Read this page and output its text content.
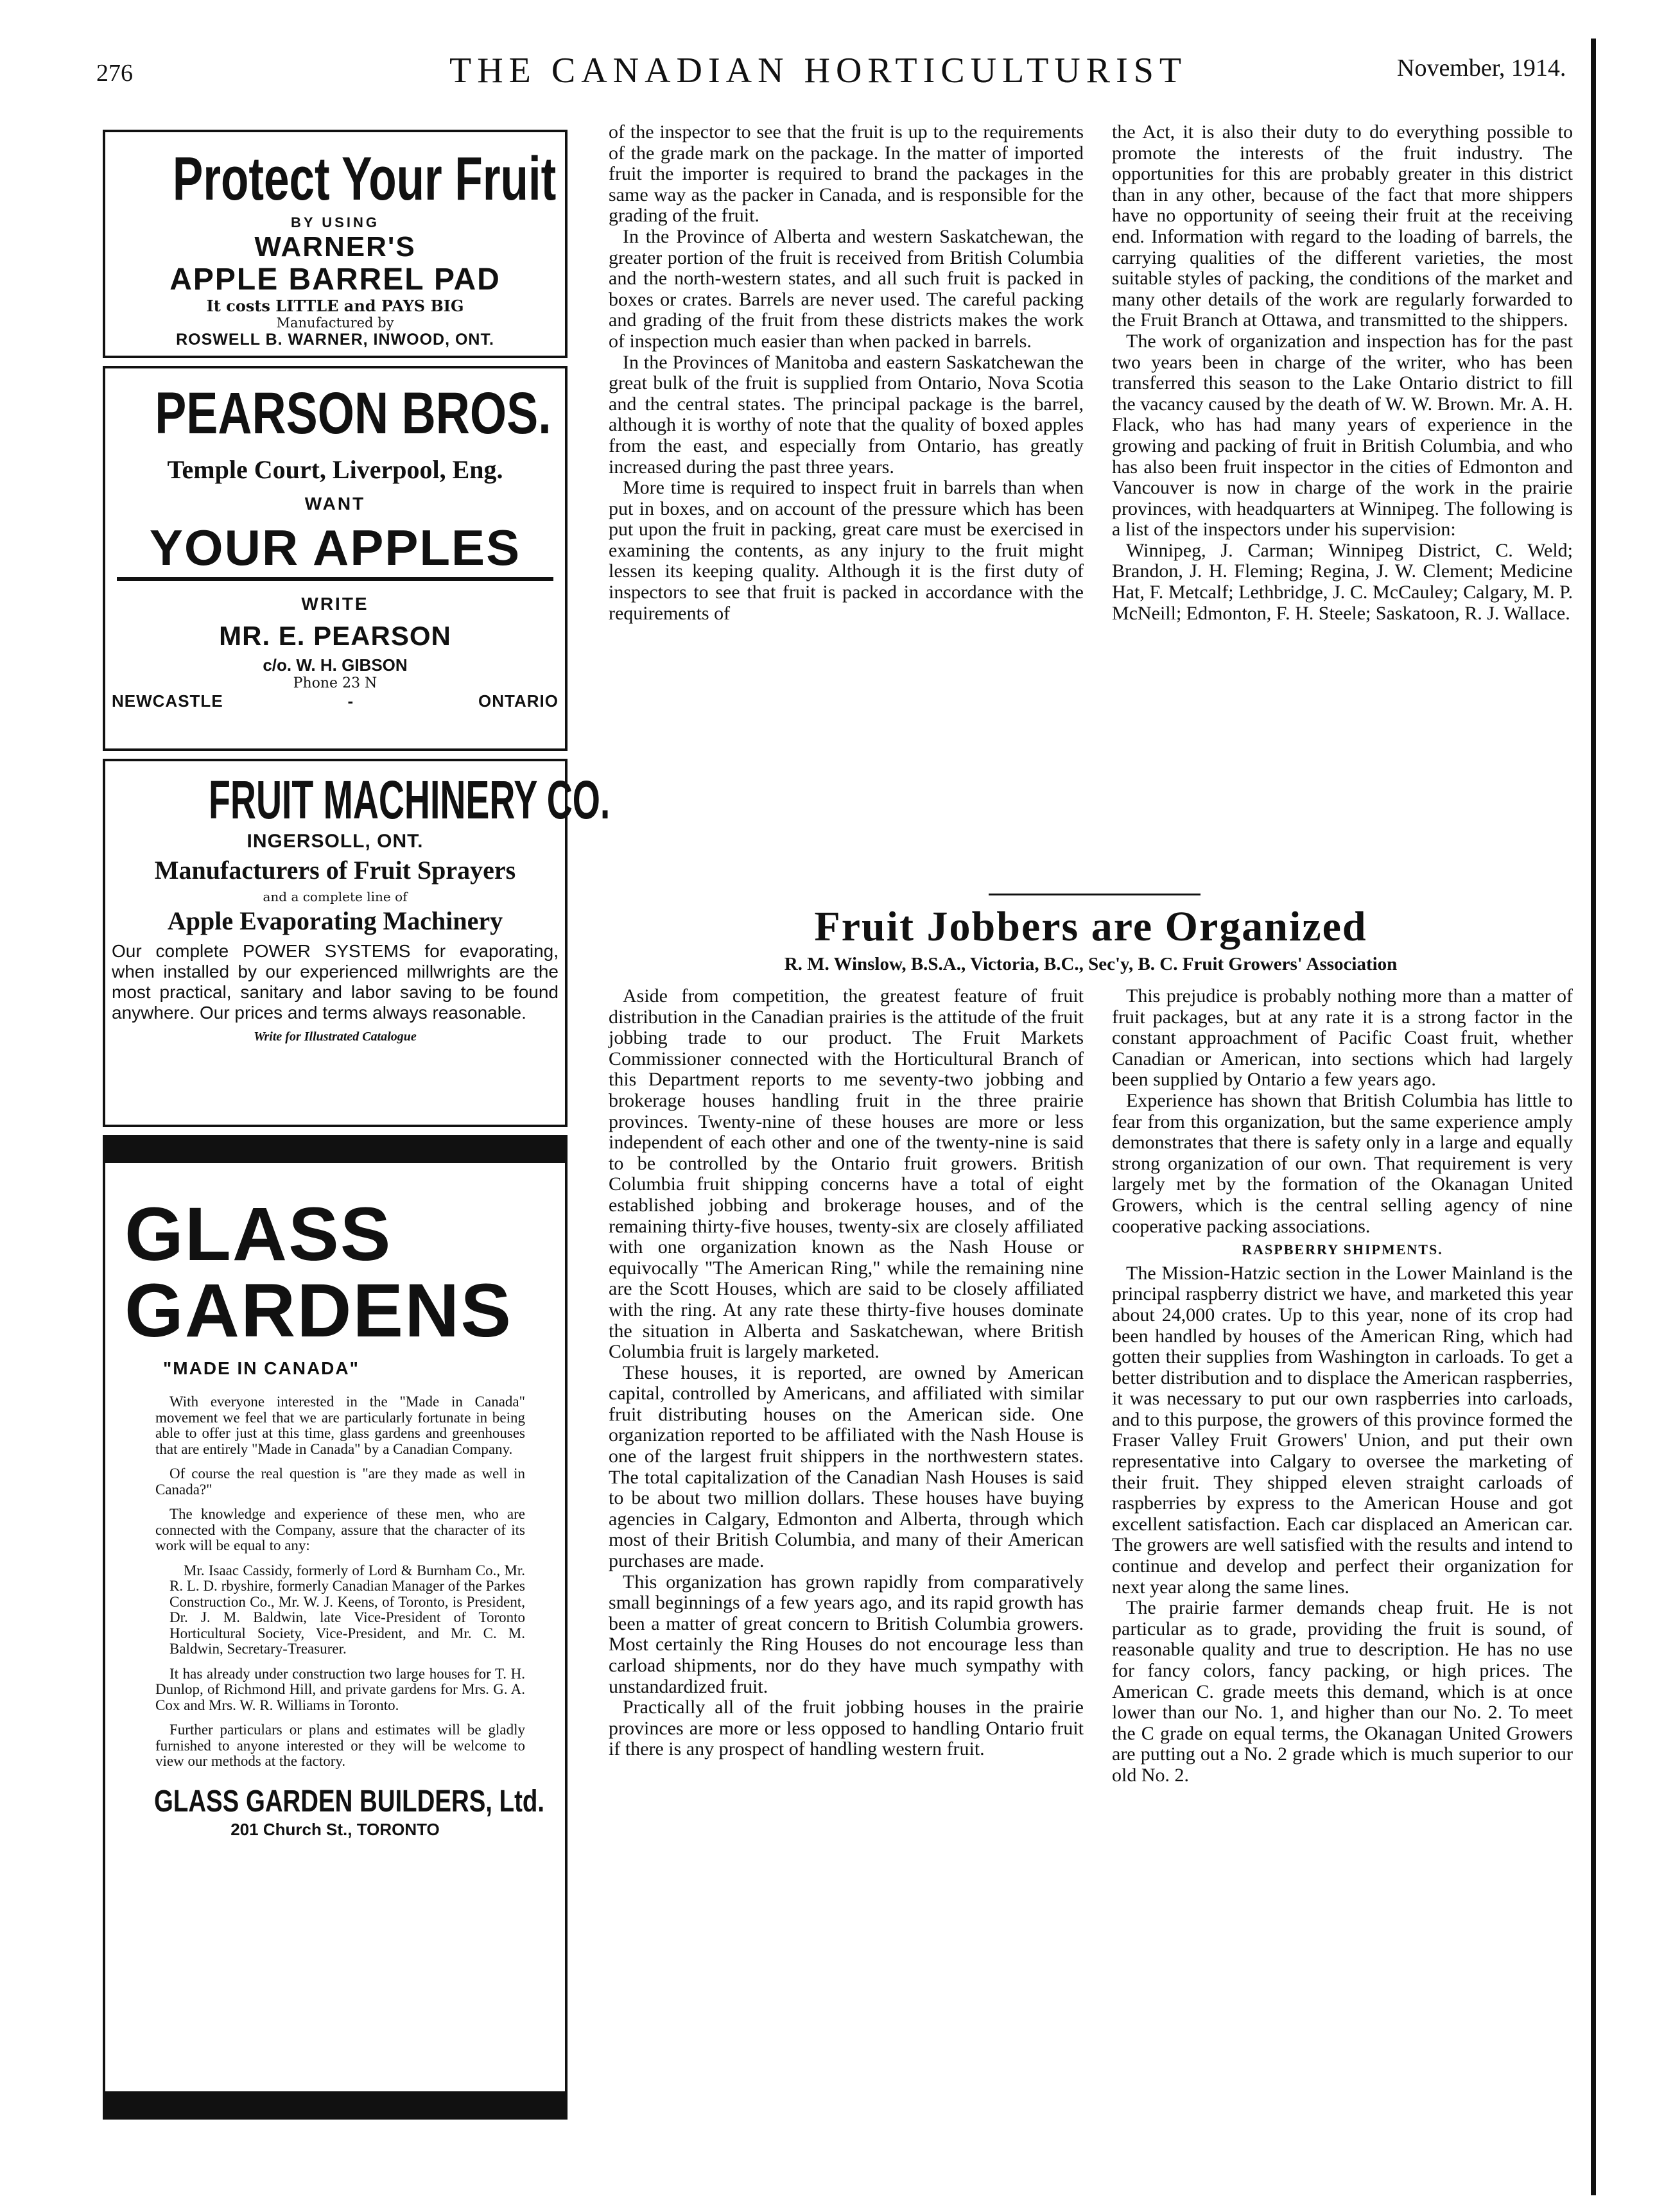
276	THE CANADIAN HORTICULTURIST	November, 1914.
Protect Your Fruit
BY USING
WARNER'S
APPLE BARREL PAD
It costs LITTLE and PAYS BIG
Manufactured by
ROSWELL B. WARNER, INWOOD, ONT.
PEARSON BROS.
Temple Court, Liverpool, Eng.
WANT
YOUR APPLES
WRITE
MR. E. PEARSON
c/o. W. H. GIBSON
Phone 23 N
NEWCASTLE	-	ONTARIO
FRUIT MACHINERY CO.
INGERSOLL, ONT.
Manufacturers of Fruit Sprayers
and a complete line of
Apple Evaporating Machinery
Our complete POWER SYSTEMS for evaporating, when installed by our experienced millwrights are the most practical, sanitary and labor saving to be found anywhere. Our prices and terms always reasonable.
Write for Illustrated Catalogue
GLASS
GARDENS
"MADE IN CANADA"

With everyone interested in the "Made in Canada" movement we feel that we are particularly fortunate in being able to offer just at this time, glass gardens and greenhouses that are entirely "Made in Canada" by a Canadian Company.

Of course the real question is "are they made as well in Canada?"

The knowledge and experience of these men, who are connected with the Company, assure that the character of its work will be equal to any:

Mr. Isaac Cassidy, formerly of Lord & Burnham Co., Mr. R. L. D. rbyshire, formerly Canadian Manager of the Parkes Construction Co., Mr. W. J. Keens, of Toronto, is President, Dr. J. M. Baldwin, late Vice-President of Toronto Horticultural Society, Vice-President, and Mr. C. M. Baldwin, Secretary-Treasurer.

It has already under construction two large houses for T. H. Dunlop, of Richmond Hill, and private gardens for Mrs. G. A. Cox and Mrs. W. R. Williams in Toronto.

Further particulars or plans and estimates will be gladly furnished to anyone interested or they will be welcome to view our methods at the factory.

GLASS GARDEN BUILDERS, Ltd.
201 Church St., TORONTO

of the inspector to see that the fruit is up to the requirements of the grade mark on the package. In the matter of imported fruit the importer is required to brand the packages in the same way as the packer in Canada, and is responsible for the grading of the fruit.

In the Province of Alberta and western Saskatchewan, the greater portion of the fruit is received from British Columbia and the north-western states, and all such fruit is packed in boxes or crates. Barrels are never used. The careful packing and grading of the fruit from these districts makes the work of inspection much easier than when packed in barrels.

In the Provinces of Manitoba and eastern Saskatchewan the great bulk of the fruit is supplied from Ontario, Nova Scotia and the central states. The principal package is the barrel, although it is worthy of note that the quality of boxed apples from the east, and especially from Ontario, has greatly increased during the past three years.

More time is required to inspect fruit in barrels than when put in boxes, and on account of the pressure which has been put upon the fruit in packing, great care must be exercised in examining the contents, as any injury to the fruit might lessen its keeping quality. Although it is the first duty of inspectors to see that fruit is packed in accordance with the requirements of

the Act, it is also their duty to do everything possible to promote the interests of the fruit industry. The opportunities for this are probably greater in this district than in any other, because of the fact that more shippers have no opportunity of seeing their fruit at the receiving end. Information with regard to the loading of barrels, the carrying qualities of the different varieties, the most suitable styles of packing, the conditions of the market and many other details of the work are regularly forwarded to the Fruit Branch at Ottawa, and transmitted to the shippers.

The work of organization and inspection has for the past two years been in charge of the writer, who has been transferred this season to the Lake Ontario district to fill the vacancy caused by the death of W. W. Brown. Mr. A. H. Flack, who has had many years of experience in the growing and packing of fruit in British Columbia, and who has also been fruit inspector in the cities of Edmonton and Vancouver is now in charge of the work in the prairie provinces, with headquarters at Winnipeg. The following is a list of the inspectors under his supervision:

Winnipeg, J. Carman; Winnipeg District, C. Weld; Brandon, J. H. Fleming; Regina, J. W. Clement; Medicine Hat, F. Metcalf; Lethbridge, J. C. McCauley; Calgary, M. P. McNeill; Edmonton, F. H. Steele; Saskatoon, R. J. Wallace.

Fruit Jobbers are Organized
R. M. Winslow, B.S.A., Victoria, B.C., Sec'y, B. C. Fruit Growers' Association

Aside from competition, the greatest feature of fruit distribution in the Canadian prairies is the attitude of the fruit jobbing trade to our product. The Fruit Markets Commissioner connected with the Horticultural Branch of this Department reports to me seventy-two jobbing and brokerage houses handling fruit in the three prairie provinces. Twenty-nine of these houses are more or less independent of each other and one of the twenty-nine is said to be controlled by the Ontario fruit growers. British Columbia fruit shipping concerns have a total of eight established jobbing and brokerage houses, and of the remaining thirty-five houses, twenty-six are closely affiliated with one organization known as the Nash House or equivocally "The American Ring," while the remaining nine are the Scott Houses, which are said to be closely affiliated with the ring. At any rate these thirty-five houses dominate the situation in Alberta and Saskatchewan, where British Columbia fruit is largely marketed.

These houses, it is reported, are owned by American capital, controlled by Americans, and affiliated with similar fruit distributing houses on the American side. One organization reported to be affiliated with the Nash House is one of the largest fruit shippers in the northwestern states. The total capitalization of the Canadian Nash Houses is said to be about two million dollars. These houses have buying agencies in Calgary, Edmonton and Alberta, through which most of their British Columbia, and many of their American purchases are made.

This organization has grown rapidly from comparatively small beginnings of a few years ago, and its rapid growth has been a matter of great concern to British Columbia growers. Most certainly the Ring Houses do not encourage less than carload shipments, nor do they have much sympathy with unstandardized fruit.

Practically all of the fruit jobbing houses in the prairie provinces are more or less opposed to handling Ontario fruit if there is any prospect of handling western fruit.

This prejudice is probably nothing more than a matter of fruit packages, but at any rate it is a strong factor in the constant approachment of Pacific Coast fruit, whether Canadian or American, into sections which had largely been supplied by Ontario a few years ago.

Experience has shown that British Columbia has little to fear from this organization, but the same experience amply demonstrates that there is safety only in a large and equally strong organization of our own. That requirement is very largely met by the formation of the Okanagan United Growers, which is the central selling agency of nine cooperative packing associations.

RASPBERRY SHIPMENTS.

The Mission-Hatzic section in the Lower Mainland is the principal raspberry district we have, and marketed this year about 24,000 crates. Up to this year, none of its crop had been handled by houses of the American Ring, which had gotten their supplies from Washington in carloads. To get a better distribution and to displace the American raspberries, it was necessary to put our own raspberries into carloads, and to this purpose, the growers of this province formed the Fraser Valley Fruit Growers' Union, and put their own representative into Calgary to oversee the marketing of their fruit. They shipped eleven straight carloads of raspberries by express to the American House and got excellent satisfaction. Each car displaced an American car. The growers are well satisfied with the results and intend to continue and develop and perfect their organization for next year along the same lines.

The prairie farmer demands cheap fruit. He is not particular as to grade, providing the fruit is sound, of reasonable quality and true to description. He has no use for fancy colors, fancy packing, or high prices. The American C. grade meets this demand, which is at once lower than our No. 1, and higher than our No. 2. To meet the C grade on equal terms, the Okanagan United Growers are putting out a No. 2 grade which is much superior to our old No. 2.
